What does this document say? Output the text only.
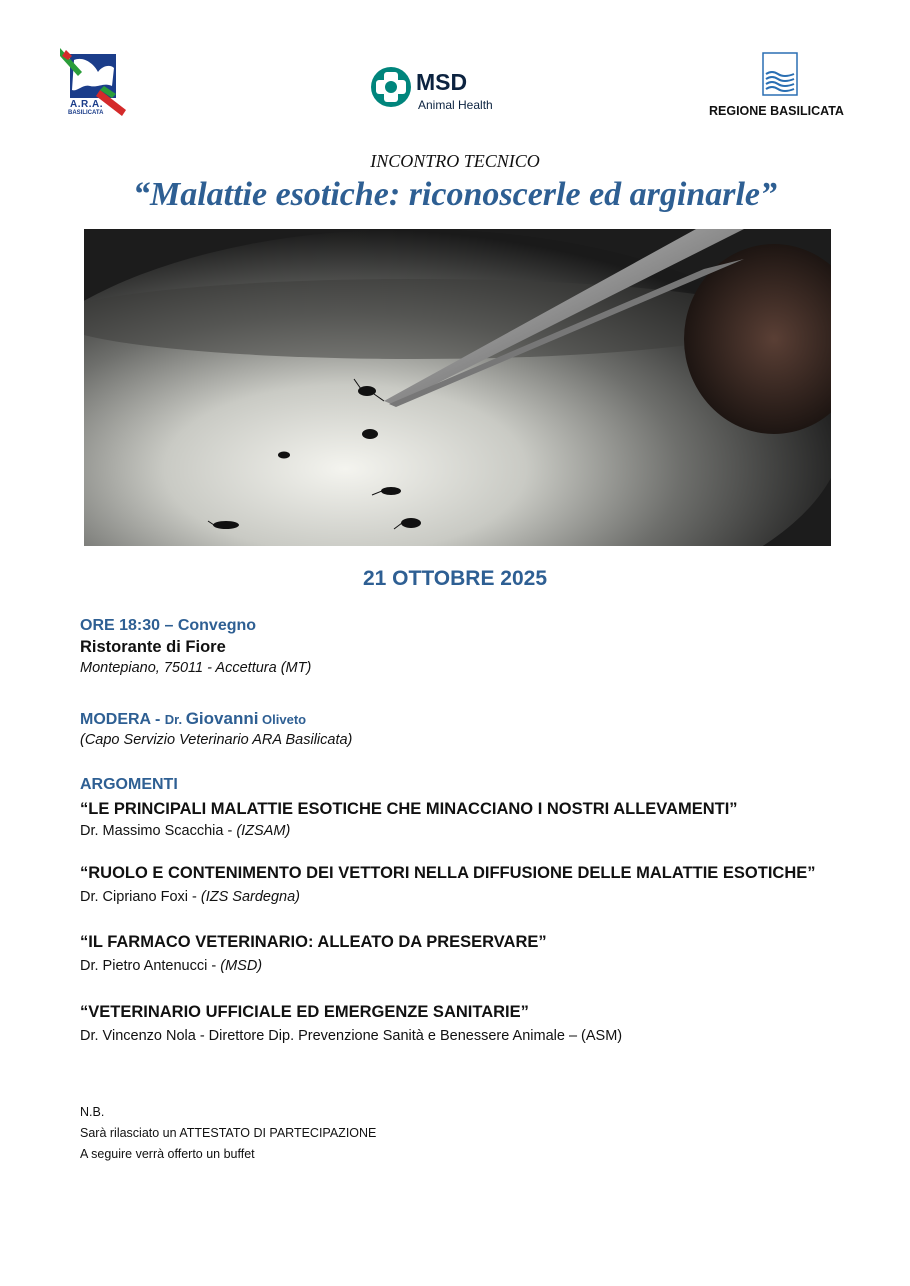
A.R.A.
BASILICATA
MSD
Animal Health	REGIONE BASILICATA
INCONTRO TECNICO
“Malattie esotiche: riconoscerle ed arginarle”
21 OTTOBRE 2025
ORE 18:30 – Convegno
Ristorante di Fiore
Montepiano, 75011 - Accettura (MT)
MODERA - Dr. Giovanni Oliveto
(Capo Servizio Veterinario ARA Basilicata)
ARGOMENTI
“LE PRINCIPALI MALATTIE ESOTICHE CHE MINACCIANO I NOSTRI ALLEVAMENTI”
Dr. Massimo Scacchia - (IZSAM)
“RUOLO E CONTENIMENTO DEI VETTORI NELLA DIFFUSIONE DELLE MALATTIE ESOTICHE”
Dr. Cipriano Foxi - (IZS Sardegna)
“IL FARMACO VETERINARIO: ALLEATO DA PRESERVARE”
Dr. Pietro Antenucci - (MSD)
“VETERINARIO UFFICIALE ED EMERGENZE SANITARIE”
Dr. Vincenzo Nola - Direttore Dip. Prevenzione Sanità e Benessere Animale – (ASM)
N.B.
Sarà rilasciato un ATTESTATO DI PARTECIPAZIONE
A seguire verrà offerto un buffet
